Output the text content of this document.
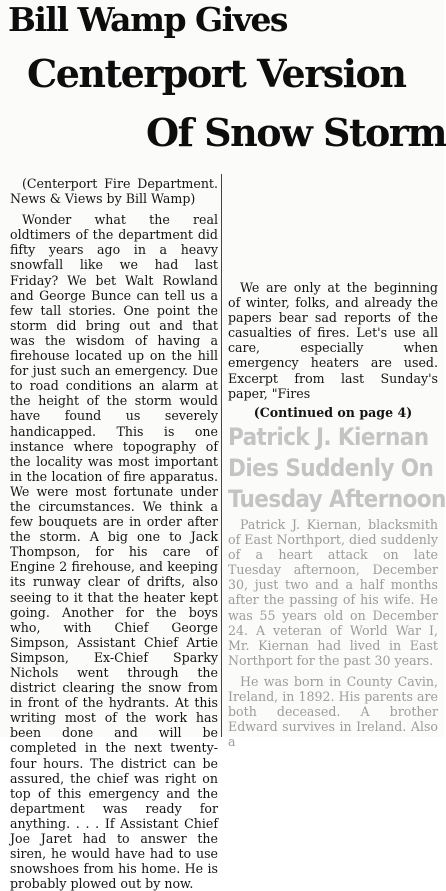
Bill Wamp Gives
Centerport Version
Of Snow Storm

(Centerport Fire Department. News & Views by Bill Wamp)

Wonder what the real oldtimers of the department did fifty years ago in a heavy snowfall like we had last Friday? We bet Walt Rowland and George Bunce can tell us a few tall stories. One point the storm did bring out and that was the wisdom of having a firehouse located up on the hill for just such an emergency. Due to road conditions an alarm at the height of the storm would have found us severely handicapped. This is one instance where topography of the locality was most important in the location of fire apparatus. We were most fortunate under the circumstances. We think a few bouquets are in order after the storm. A big one to Jack Thompson, for his care of Engine 2 firehouse, and keeping its runway clear of drifts, also seeing to it that the heater kept going. Another for the boys who, with Chief George Simpson, Assistant Chief Artie Simpson, Ex-Chief Sparky Nichols went through the district clearing the snow from in front of the hydrants. At this writing most of the work has been done and will be completed in the next twenty-four hours. The district can be assured, the chief was right on top of this emergency and the department was ready for anything. . . . If Assistant Chief Joe Jaret had to answer the siren, he would have had to use snowshoes from his home. He is probably plowed out by now.

We are only at the beginning of winter, folks, and already the papers bear sad reports of the casualties of fires. Let's use all care, especially when emergency heaters are used. Excerpt from last Sunday's paper, "Fires

(Continued on page 4)

Patrick J. Kiernan
Dies Suddenly On
Tuesday Afternoon

Patrick J. Kiernan, blacksmith of East Northport, died suddenly of a heart attack on late Tuesday afternoon, December 30, just two and a half months after the passing of his wife. He was 55 years old on December 24. A veteran of World War I, Mr. Kiernan had lived in East Northport for the past 30 years.

He was born in County Cavin, Ireland, in 1892. His parents are both deceased. A brother Edward survives in Ireland. Also a
